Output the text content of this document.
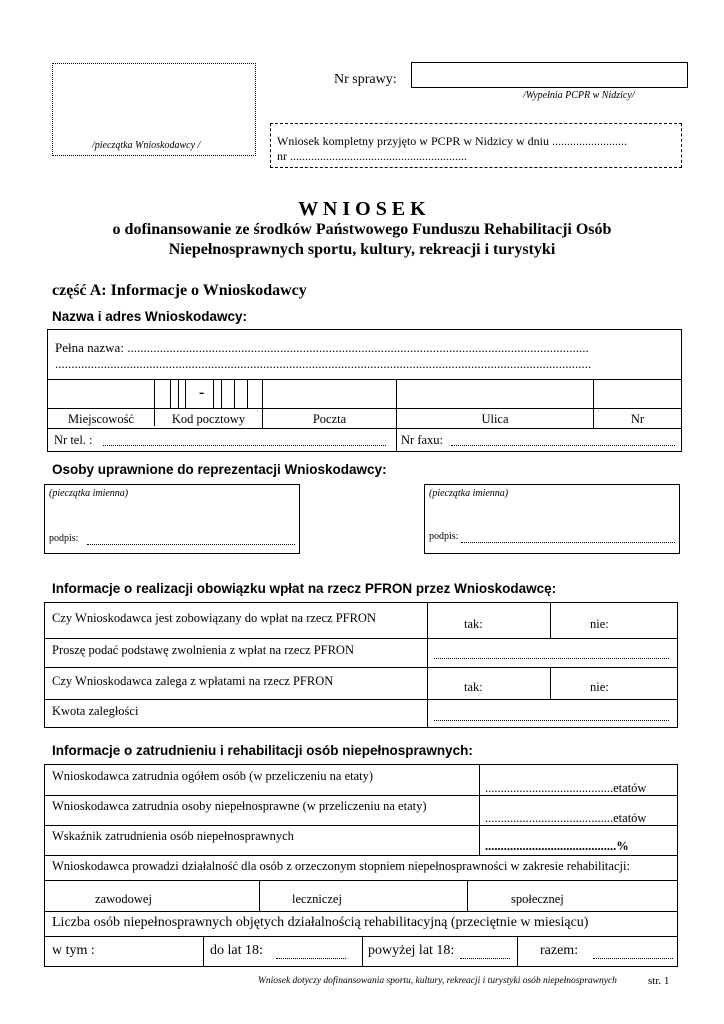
/pieczątka Wnioskodawcy /
Nr sprawy:
/Wypełnia PCPR w Nidzicy/
Wniosek kompletny przyjęto w PCPR w Nidzicy w dniu .........................
nr ...........................................................
W N I O S E K
o dofinansowanie ze środków Państwowego Funduszu Rehabilitacji Osób
Niepełnosprawnych sportu, kultury, rekreacji i turystyki
część A: Informacje o Wnioskodawcy
Nazwa i adres Wnioskodawcy:
Pełna nazwa: ..............................................................................................................................................
.....................................................................................................................................................................
-
Miejscowość	Kod pocztowy	Poczta	Ulica	Nr
Nr tel. :	Nr faxu:
Osoby uprawnione do reprezentacji Wnioskodawcy:
(pieczątka imienna)
podpis:
(pieczątka imienna)
podpis:
Informacje o realizacji obowiązku wpłat na rzecz PFRON przez Wnioskodawcę:
Czy Wnioskodawca jest zobowiązany do wpłat na rzecz PFRON	tak:	nie:
Proszę podać podstawę zwolnienia z wpłat na rzecz PFRON
Czy Wnioskodawca zalega z wpłatami na rzecz PFRON	tak:	nie:
Kwota zaległości
Informacje o zatrudnieniu i rehabilitacji osób niepełnosprawnych:
Wnioskodawca zatrudnia ogółem osób (w przeliczeniu na etaty)
.........................................etatów
Wnioskodawca zatrudnia osoby niepełnosprawne (w przeliczeniu na etaty)
.........................................etatów
Wskaźnik zatrudnienia osób niepełnosprawnych
..........................................%
Wnioskodawca prowadzi działalność dla osób z orzeczonym stopniem niepełnosprawności w zakresie rehabilitacji:
zawodowej	leczniczej	społecznej
Liczba osób niepełnosprawnych objętych działalnością rehabilitacyjną (przeciętnie w miesiącu)
w tym :	do lat 18:	powyżej lat 18:	razem:
Wniosek dotyczy dofinansowania sportu, kultury, rekreacji i turystyki osób niepełnosprawnych	str. 1
